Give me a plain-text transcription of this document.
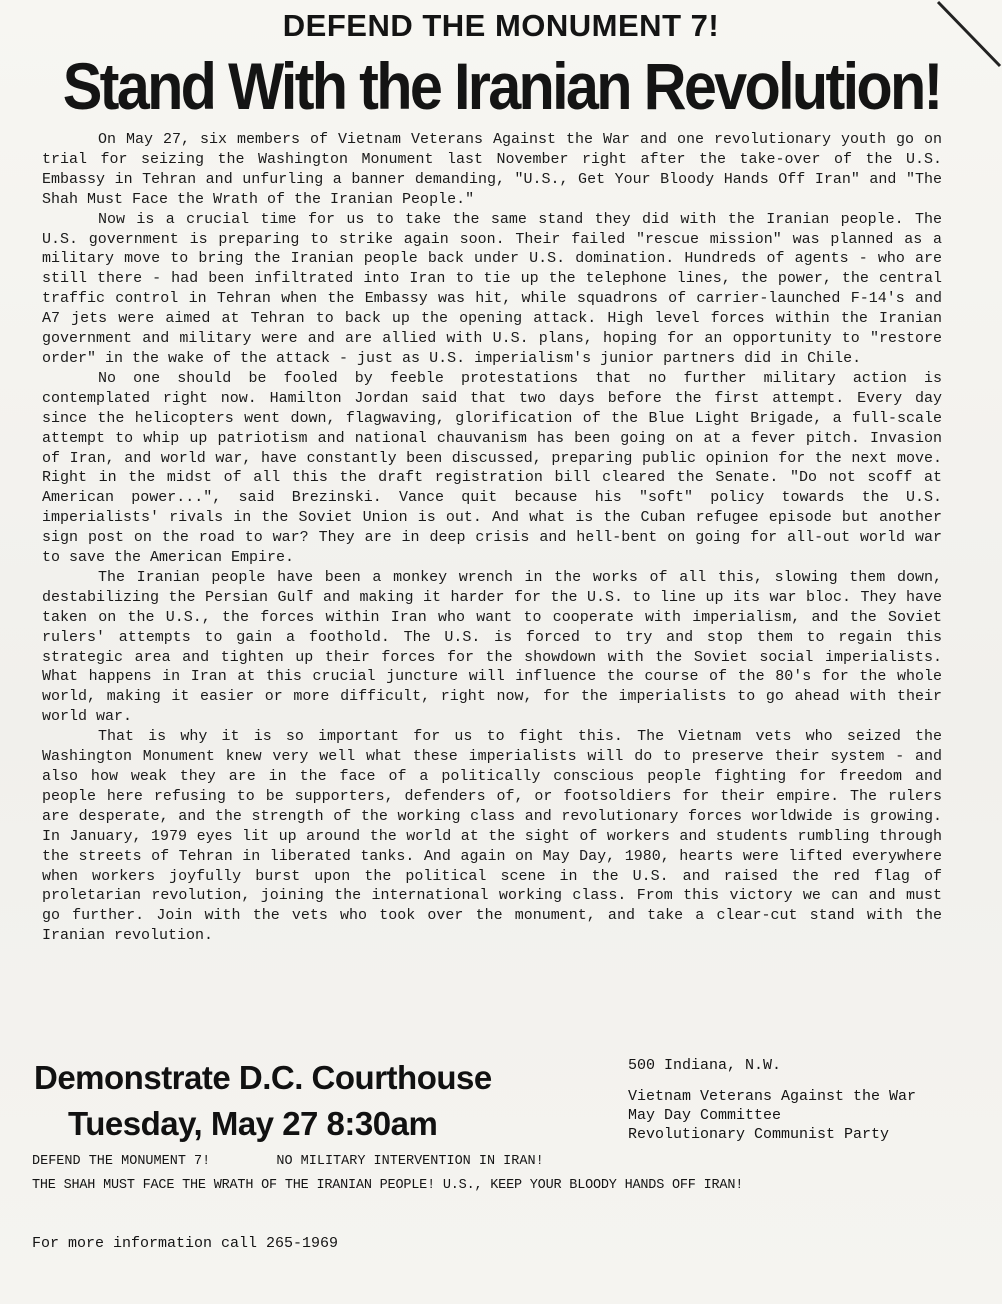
DEFEND THE MONUMENT 7!
Stand With the Iranian Revolution!

On May 27, six members of Vietnam Veterans Against the War and one revolutionary youth go on trial for seizing the Washington Monument last November right after the take-over of the U.S. Embassy in Tehran and unfurling a banner demanding, "U.S., Get Your Bloody Hands Off Iran" and "The Shah Must Face the Wrath of the Iranian People."

Now is a crucial time for us to take the same stand they did with the Iranian people. The U.S. government is preparing to strike again soon. Their failed "rescue mission" was planned as a military move to bring the Iranian people back under U.S. domination. Hundreds of agents - who are still there - had been infiltrated into Iran to tie up the telephone lines, the power, the central traffic control in Tehran when the Embassy was hit, while squadrons of carrier-launched F-14's and A7 jets were aimed at Tehran to back up the opening attack. High level forces within the Iranian government and military were and are allied with U.S. plans, hoping for an opportunity to "restore order" in the wake of the attack - just as U.S. imperialism's junior partners did in Chile.

No one should be fooled by feeble protestations that no further military action is contemplated right now. Hamilton Jordan said that two days before the first attempt. Every day since the helicopters went down, flagwaving, glorification of the Blue Light Brigade, a full-scale attempt to whip up patriotism and national chauvanism has been going on at a fever pitch. Invasion of Iran, and world war, have constantly been discussed, preparing public opinion for the next move. Right in the midst of all this the draft registration bill cleared the Senate. "Do not scoff at American power...", said Brezinski. Vance quit because his "soft" policy towards the U.S. imperialists' rivals in the Soviet Union is out. And what is the Cuban refugee episode but another sign post on the road to war? They are in deep crisis and hell-bent on going for all-out world war to save the American Empire.

The Iranian people have been a monkey wrench in the works of all this, slowing them down, destabilizing the Persian Gulf and making it harder for the U.S. to line up its war bloc. They have taken on the U.S., the forces within Iran who want to cooperate with imperialism, and the Soviet rulers' attempts to gain a foothold. The U.S. is forced to try and stop them to regain this strategic area and tighten up their forces for the showdown with the Soviet social imperialists. What happens in Iran at this crucial juncture will influence the course of the 80's for the whole world, making it easier or more difficult, right now, for the imperialists to go ahead with their world war.

That is why it is so important for us to fight this. The Vietnam vets who seized the Washington Monument knew very well what these imperialists will do to preserve their system - and also how weak they are in the face of a politically conscious people fighting for freedom and people here refusing to be supporters, defenders of, or footsoldiers for their empire. The rulers are desperate, and the strength of the working class and revolutionary forces worldwide is growing. In January, 1979 eyes lit up around the world at the sight of workers and students rumbling through the streets of Tehran in liberated tanks. And again on May Day, 1980, hearts were lifted everywhere when workers joyfully burst upon the political scene in the U.S. and raised the red flag of proletarian revolution, joining the international working class. From this victory we can and must go further. Join with the vets who took over the monument, and take a clear-cut stand with the Iranian revolution.

Demonstrate D.C. Courthouse
Tuesday, May 27 8:30am
500 Indiana, N.W.
Vietnam Veterans Against the War
May Day Committee
Revolutionary Communist Party
DEFEND THE MONUMENT 7!	NO MILITARY INTERVENTION IN IRAN!
THE SHAH MUST FACE THE WRATH OF THE IRANIAN PEOPLE! U.S., KEEP YOUR BLOODY HANDS OFF IRAN!
For more information call 265-1969
